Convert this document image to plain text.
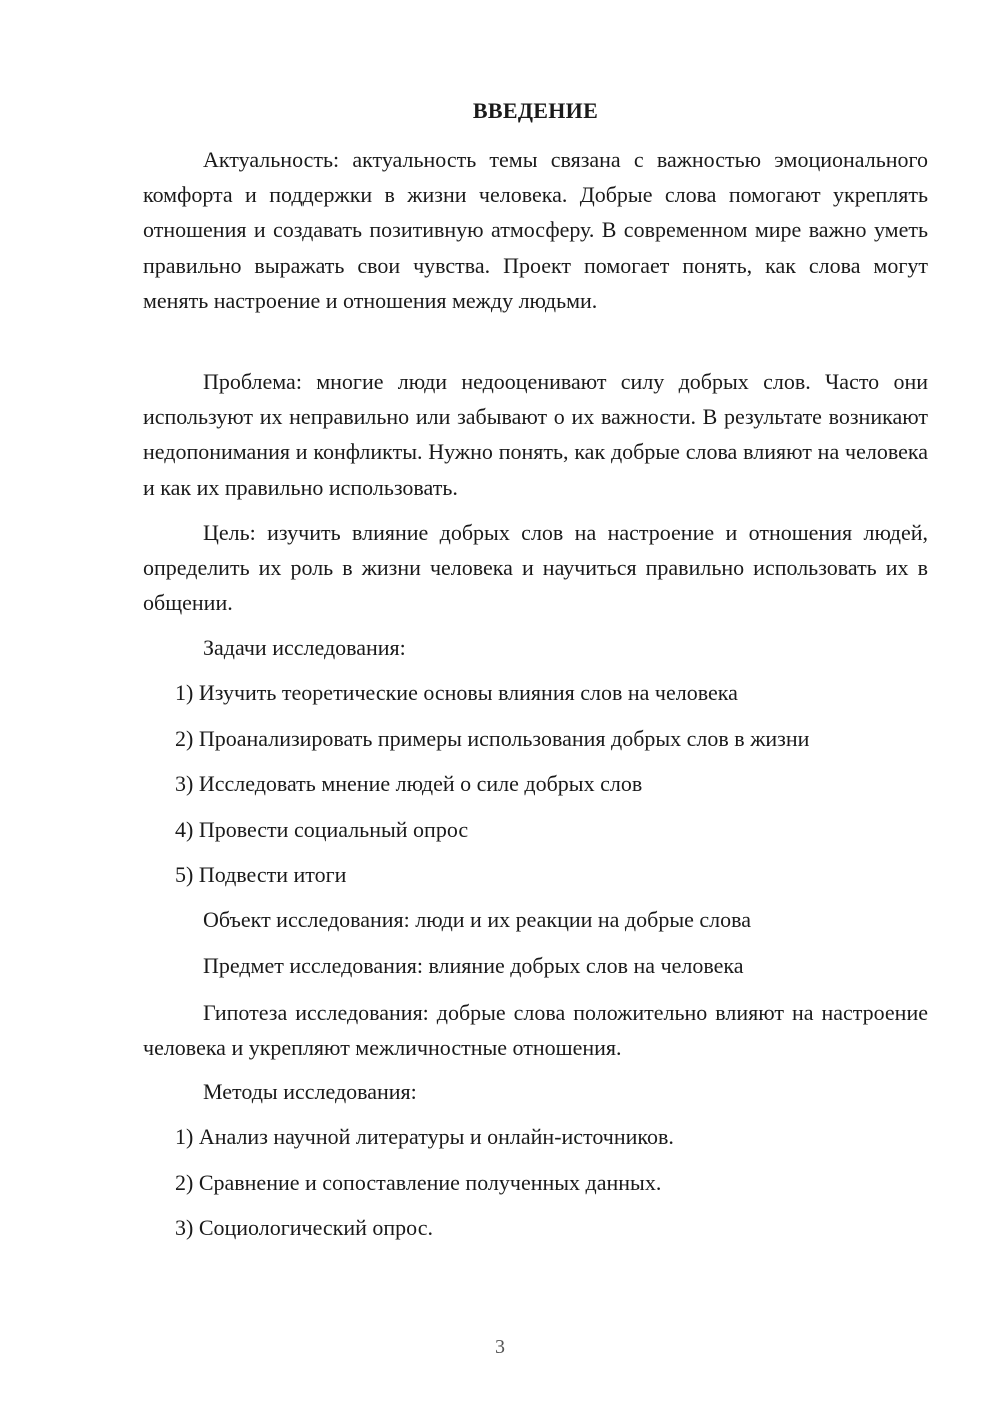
ВВЕДЕНИЕ

Актуальность: актуальность темы связана с важностью эмоционального комфорта и поддержки в жизни человека. Добрые слова помогают укреплять отношения и создавать позитивную атмосферу. В современном мире важно уметь правильно выражать свои чувства. Проект помогает понять, как слова могут менять настроение и отношения между людьми.

Проблема: многие люди недооценивают силу добрых слов. Часто они используют их неправильно или забывают о их важности. В результате возникают недопонимания и конфликты. Нужно понять, как добрые слова влияют на человека и как их правильно использовать.

Цель: изучить влияние добрых слов на настроение и отношения людей, определить их роль в жизни человека и научиться правильно использовать их в общении.

Задачи исследования:
1) Изучить теоретические основы влияния слов на человека
2) Проанализировать примеры использования добрых слов в жизни
3) Исследовать мнение людей о силе добрых слов
4) Провести социальный опрос
5) Подвести итоги
Объект исследования: люди и их реакции на добрые слова
Предмет исследования: влияние добрых слов на человека

Гипотеза исследования: добрые слова положительно влияют на настроение человека и укрепляют межличностные отношения.

Методы исследования:
1) Анализ научной литературы и онлайн-источников.
2) Сравнение и сопоставление полученных данных.
3) Социологический опрос.
3
